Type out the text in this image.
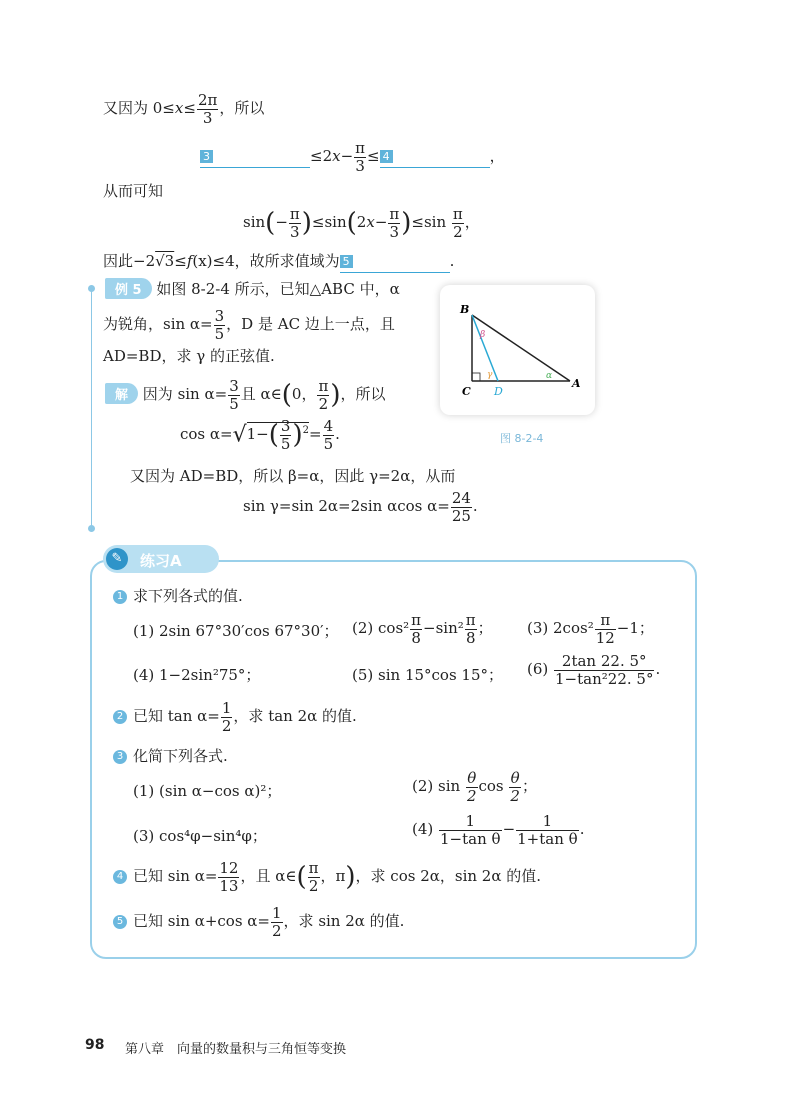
又因为 $0\le x\le \frac{2\pi}{3}$ ，所以
3	$\le 2x- \frac{\pi}{3} \le 4$	，
从而可知
$\sin(- \frac{\pi}{3} )\le\sin(2x- \frac{\pi}{3} )\le\sin \frac{\pi}{2}$ ，
因此−2√3≤f(x)≤4，故所求值域为 5	.
例 5 如图 8-2-4 所示，已知△ABC 中，α
为锐角，$\sin \alpha= \frac{3}{5}$ ，D 是 AC 边上一点，且
AD=BD，求 γ 的正弦值.
解 因为 $\sin \alpha= \frac{3}{5}$ 且 α∈(0， $\frac{\pi}{2}$ )，所以
$\cos \alpha=√1-( \frac{3}{5} )^2= \frac{4}{5}$ .
又因为 AD=BD，所以 β=α，因此 γ=2α，从而
sin γ=sin 2α=2sin αcos $\alpha= \frac{24}{25}$ .
B
C D
A
β
γ	α
图 8-2-4
✎	练习A
1 求下列各式的值.
(1) 2sin 67°30′cos 67°30′； (2) $\cos^2 \frac{\pi}{8} -\sin^2 \frac{\pi}{8}$ ； (3) $2\cos^2 \frac{\pi}{12} -1$；
(4) 1−2sin²75°；	(5) sin 15°cos 15°； $(6) \frac{2\tan 22. 5^\circ}{\text{1−tan²22. 5°}}$ .
2 已知 $\tan \alpha= \frac{1}{2}$ ，求 tan 2α 的值.
3 化简下列各式.
(1) (sin α−cos α)²；	(2) $\sin \frac{\theta}{2}$ $\cos \frac{\theta}{2}$ ；
(3) cos⁴φ−sin⁴φ；	$(4) \frac{1}{\text{1−tan θ}} - \frac{1}{\text{1+tan θ}}$ .
4 已知 $\sin \alpha= \frac{12}{13}$ ，且 α∈( $\frac{\pi}{2}$ ，π)，求 cos 2α，sin 2α 的值.
5 已知 sin α+cos $\alpha= \frac{1}{2}$ ，求 sin 2α 的值.
98 第八章　向量的数量积与三角恒等变换
